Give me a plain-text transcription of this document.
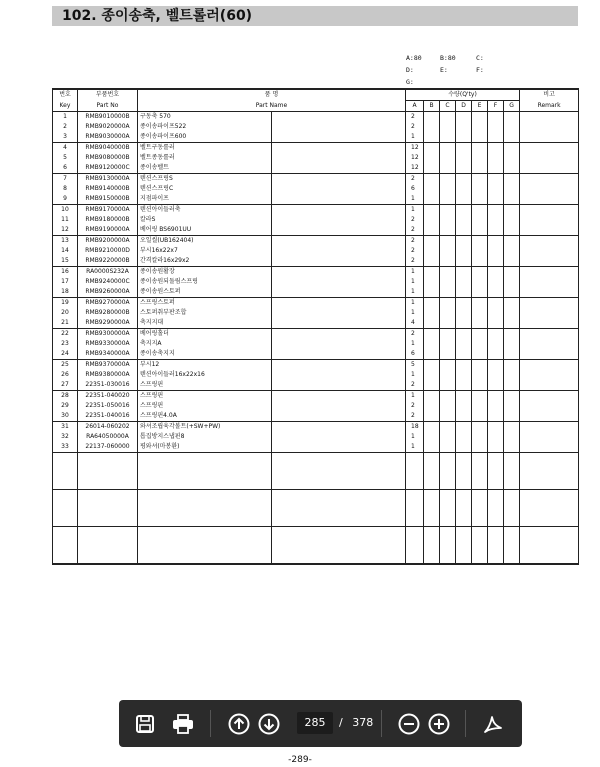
102. 종이송축, 벨트롤러(60)
A:80	B:80	C:
D:	E:	F:
G:
번호	부품번호	품 명		수량(Q'ty)							비고
Key	Part No	Part Name		A	B	C	D	E	F	G	Remark
1	RMB9010000B	구동축 570		2							
2	RMB9020000A	종이송파이프522		2							
3	RMB9030000A	종이송파이프600		1							
4	RMB9040000B	벨트구동롤러		12							
5	RMB9080000B	벨트종동롤러		12							
6	RMB9120000C	종이송벨트		12							
7	RMB9130000A	텐션스프링S		2							
8	RMB9140000B	텐션스프링C		6							
9	RMB9150000B	지점파이프		1							
10	RMB9170000A	텐션아이들러축		1							
11	RMB9180000B	칼라S		2							
12	RMB9190000A	베어링 BS6901UU		2							
13	RMB9200000A	오일씰(UB162404)		2							
14	RMB9210000D	부시16x22x7		2							
15	RMB9220000B	간격칼라16x29x2		2							
16	RA0000S232A	종이송원활장		1							
17	RMB9240000C	종이송원되돌림스프링		1							
18	RMB9260000A	종이송원스토퍼		1							
19	RMB9270000A	스프링스토퍼		1							
20	RMB9280000B	스토퍼취부판조합		1							
21	RMB9290000A	축지지대		4							
22	RMB9300000A	베어링홀더		2							
23	RMB9330000A	축지지A		1							
24	RMB9340000A	종이송축지지		6							
25	RMB9370000A	부시12		5							
26	RMB9380000A	텐션아이들러16x22x16		1							
27	22351-030016	스프링핀		2							
28	22351-040020	스프링핀		1							
29	22351-050016	스프링핀		2							
30	22351-040016	스프링핀4.0A		2							
31	26014-060202	와셔조립육각볼트(+SW+PW)		18							
32	RA64050000A	톱집방지스냅핀8		1							
33	22137-060000	평와셔(마봉환)		1							

285	/ 378
-289-
